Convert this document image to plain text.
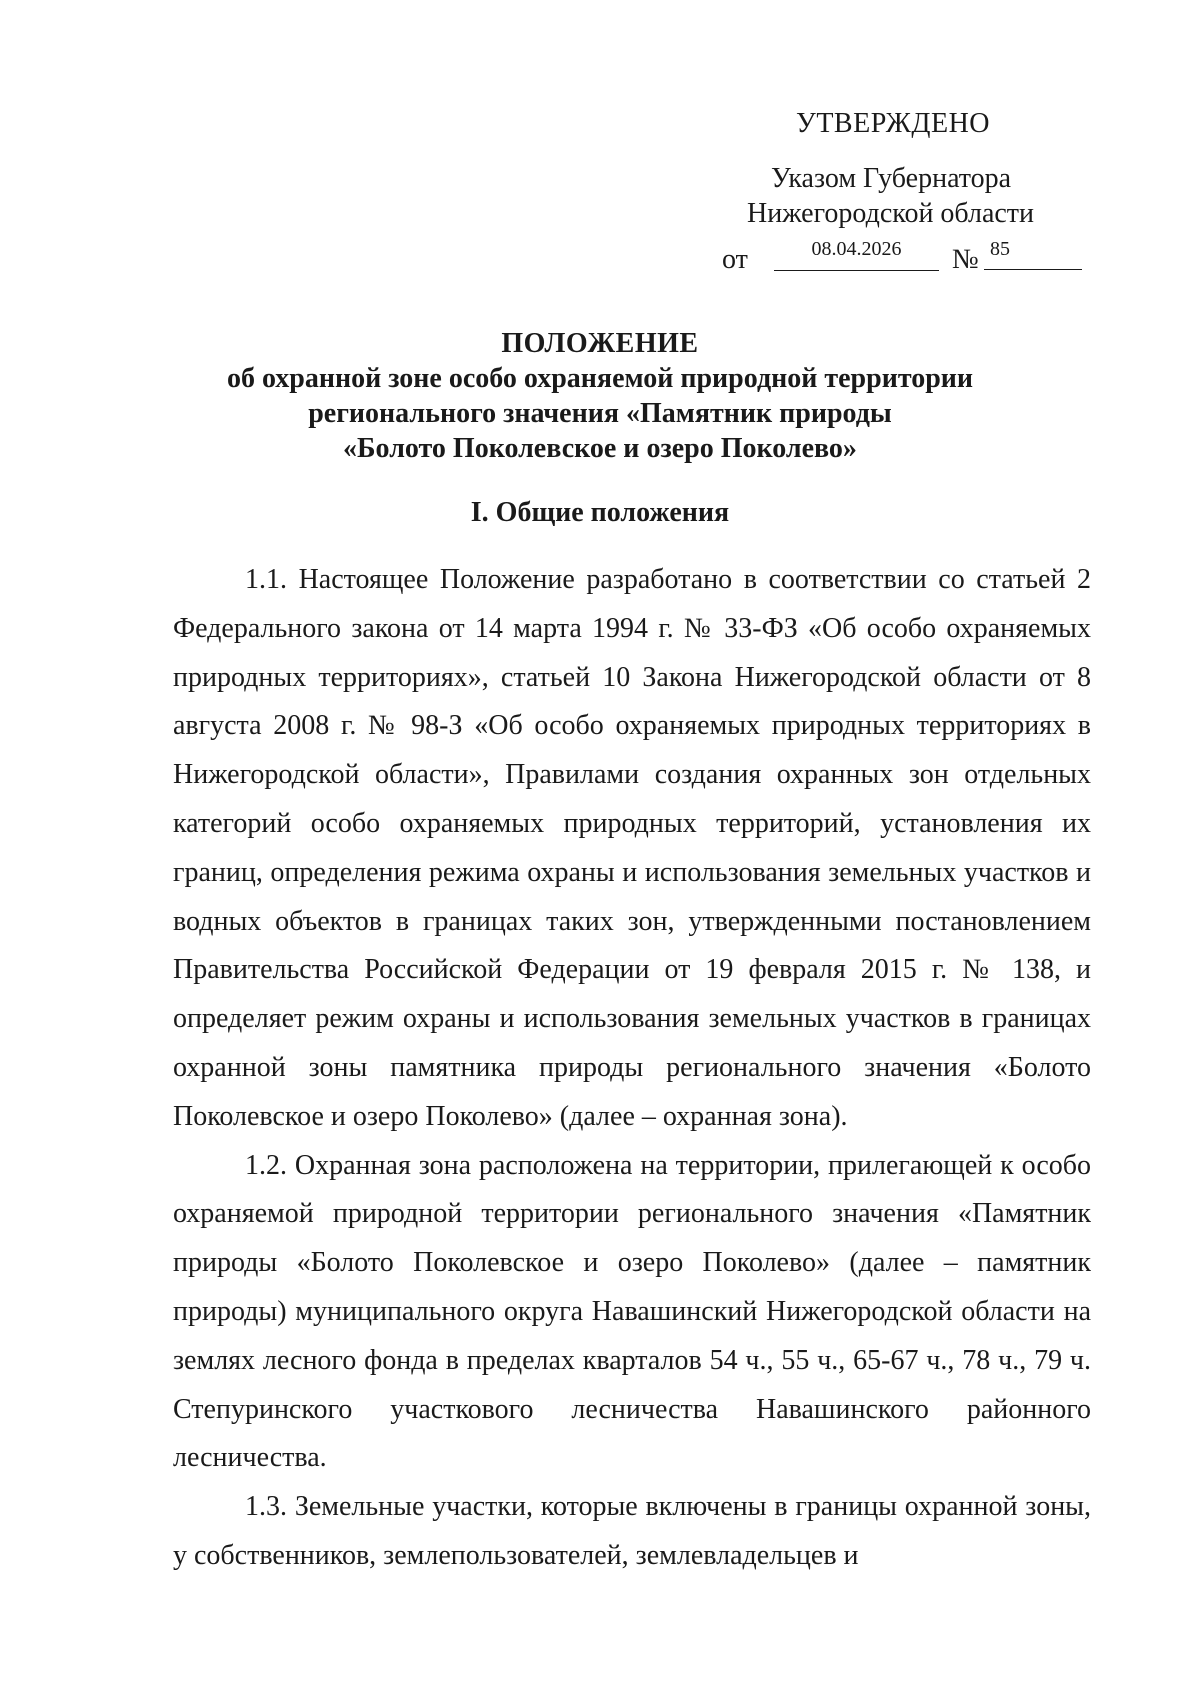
УТВЕРЖДЕНО
Указом Губернатора
Нижегородской области
от	08.04.2026	№ 85
ПОЛОЖЕНИЕ
об охранной зоне особо охраняемой природной территории
регионального значения «Памятник природы
«Болото Поколевское и озеро Поколево»
I. Общие положения

1.1. Настоящее Положение разработано в соответствии со статьей 2 Федерального закона от 14 марта 1994 г. № 33-ФЗ «Об особо охраняемых природных территориях», статьей 10 Закона Нижегородской области от 8 августа 2008 г. № 98-З «Об особо охраняемых природных территориях в Нижегородской области», Правилами создания охранных зон отдельных категорий особо охраняемых природных территорий, установления их границ, определения режима охраны и использования земельных участков и водных объектов в границах таких зон, утвержденными постановлением Правительства Российской Федерации от 19 февраля 2015 г. № 138, и определяет режим охраны и использования земельных участков в границах охранной зоны памятника природы регионального значения «Болото Поколевское и озеро Поколево» (далее – охранная зона).

1.2. Охранная зона расположена на территории, прилегающей к особо охраняемой природной территории регионального значения «Памятник природы «Болото Поколевское и озеро Поколево» (далее – памятник природы) муниципального округа Навашинский Нижегородской области на землях лесного фонда в пределах кварталов 54 ч., 55 ч., 65-67 ч., 78 ч., 79 ч. Степуринского участкового лесничества Навашинского районного лесничества.

1.3. Земельные участки, которые включены в границы охранной зоны, у собственников, землепользователей, землевладельцев и
